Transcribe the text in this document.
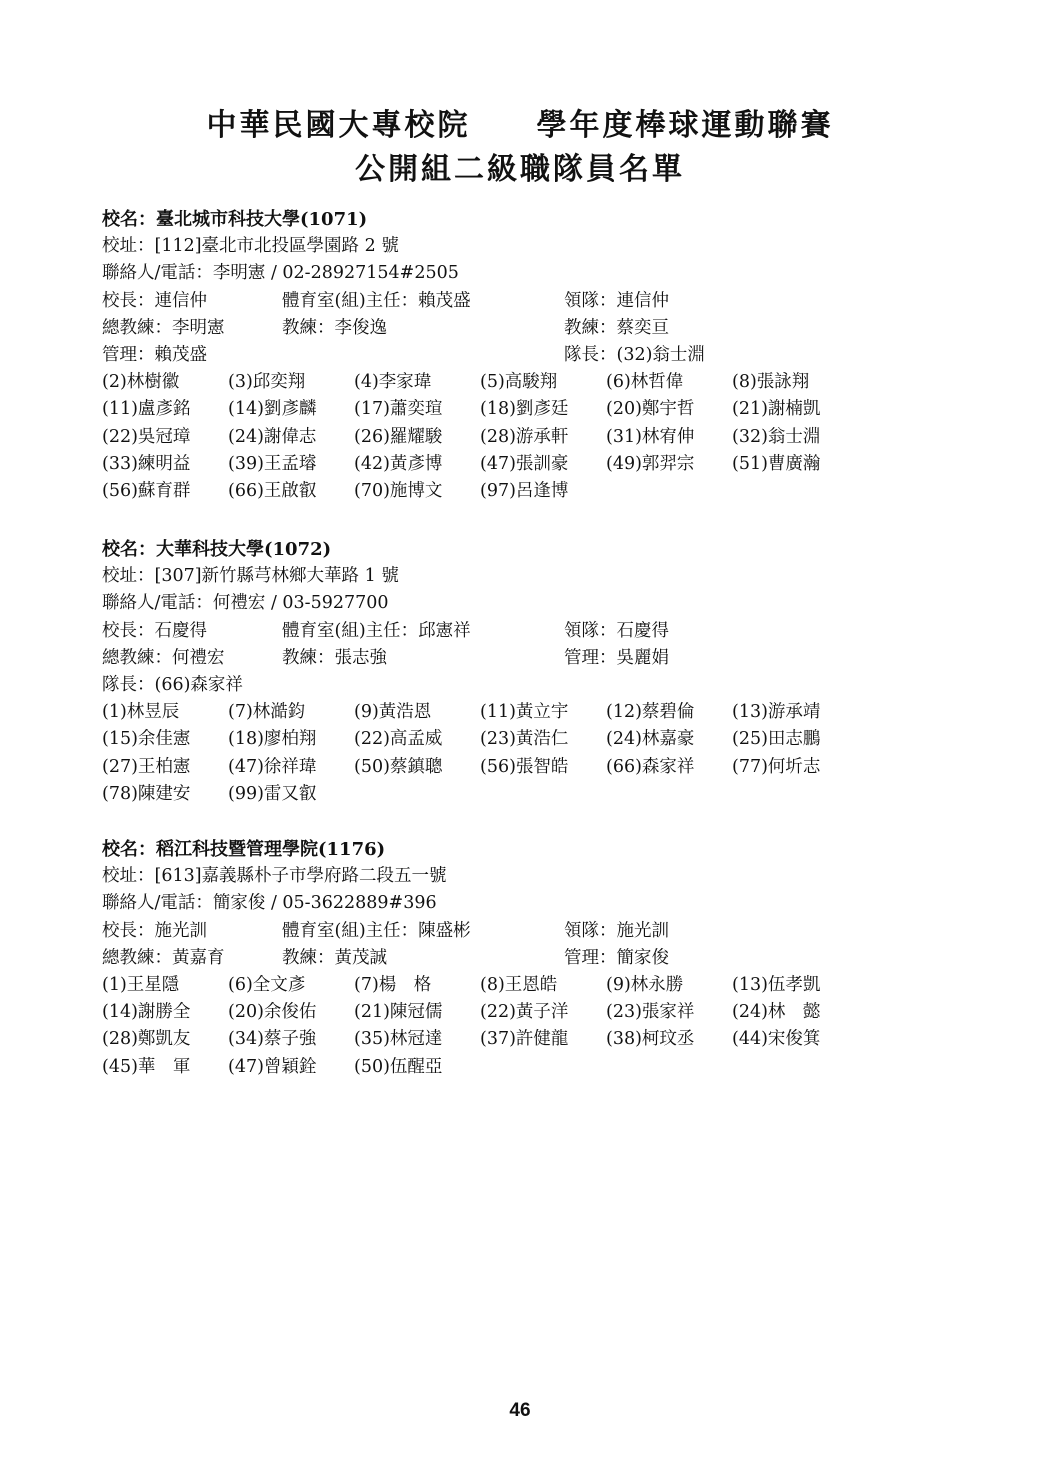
中華民國大專校院　　學年度棒球運動聯賽
公開組二級職隊員名單
校名：臺北城市科技大學(1071)
校址：[112]臺北市北投區學園路 2 號
聯絡人/電話：李明憲 / 02-28927154#2505
校長：連信仲	體育室(組)主任：賴茂盛	領隊：連信仲
總教練：李明憲	教練：李俊逸	教練：蔡奕亘
管理：賴茂盛	隊長：(32)翁士淵
(2)林樹徽	(3)邱奕翔	(4)李家瑋	(5)高駿翔	(6)林哲偉	(8)張詠翔
(11)盧彥銘 (14)劉彥麟 (17)蕭奕瑄 (18)劉彥廷 (20)鄭宇哲 (21)謝楠凱
(22)吳冠璋 (24)謝偉志 (26)羅耀駿 (28)游承軒 (31)林宥伸 (32)翁士淵
(33)練明益 (39)王孟璿 (42)黃彥博 (47)張訓豪 (49)郭羿宗 (51)曹廣瀚
(56)蘇育群 (66)王啟叡 (70)施博文 (97)呂逢博
校名：大華科技大學(1072)
校址：[307]新竹縣芎林鄉大華路 1 號
聯絡人/電話：何禮宏 / 03-5927700
校長：石慶得	體育室(組)主任：邱憲祥	領隊：石慶得
總教練：何禮宏	教練：張志強	管理：吳麗娟
隊長：(66)森家祥
(1)林昱辰	(7)林澔鈞	(9)黃浩恩	(11)黃立宇 (12)蔡碧倫 (13)游承靖
(15)余佳憲 (18)廖柏翔 (22)高孟威 (23)黃浩仁 (24)林嘉豪 (25)田志鵬
(27)王柏憲 (47)徐祥瑋 (50)蔡鎮聰 (56)張智皓 (66)森家祥 (77)何圻志
(78)陳建安 (99)雷又叡
校名：稻江科技暨管理學院(1176)
校址：[613]嘉義縣朴子市學府路二段五一號
聯絡人/電話：簡家俊 / 05-3622889#396
校長：施光訓	體育室(組)主任：陳盛彬	領隊：施光訓
總教練：黃嘉育	教練：黃茂誠	管理：簡家俊
(1)王星隱	(6)全文彥	(7)楊　格	(8)王恩皓	(9)林永勝	(13)伍孝凱
(14)謝勝全 (20)余俊佑 (21)陳冠儒 (22)黃子洋 (23)張家祥 (24)林　懿
(28)鄭凱友 (34)蔡子強 (35)林冠達 (37)許健龍 (38)柯玟丞 (44)宋俊箕
(45)華　軍 (47)曾穎銓 (50)伍醒亞
46
